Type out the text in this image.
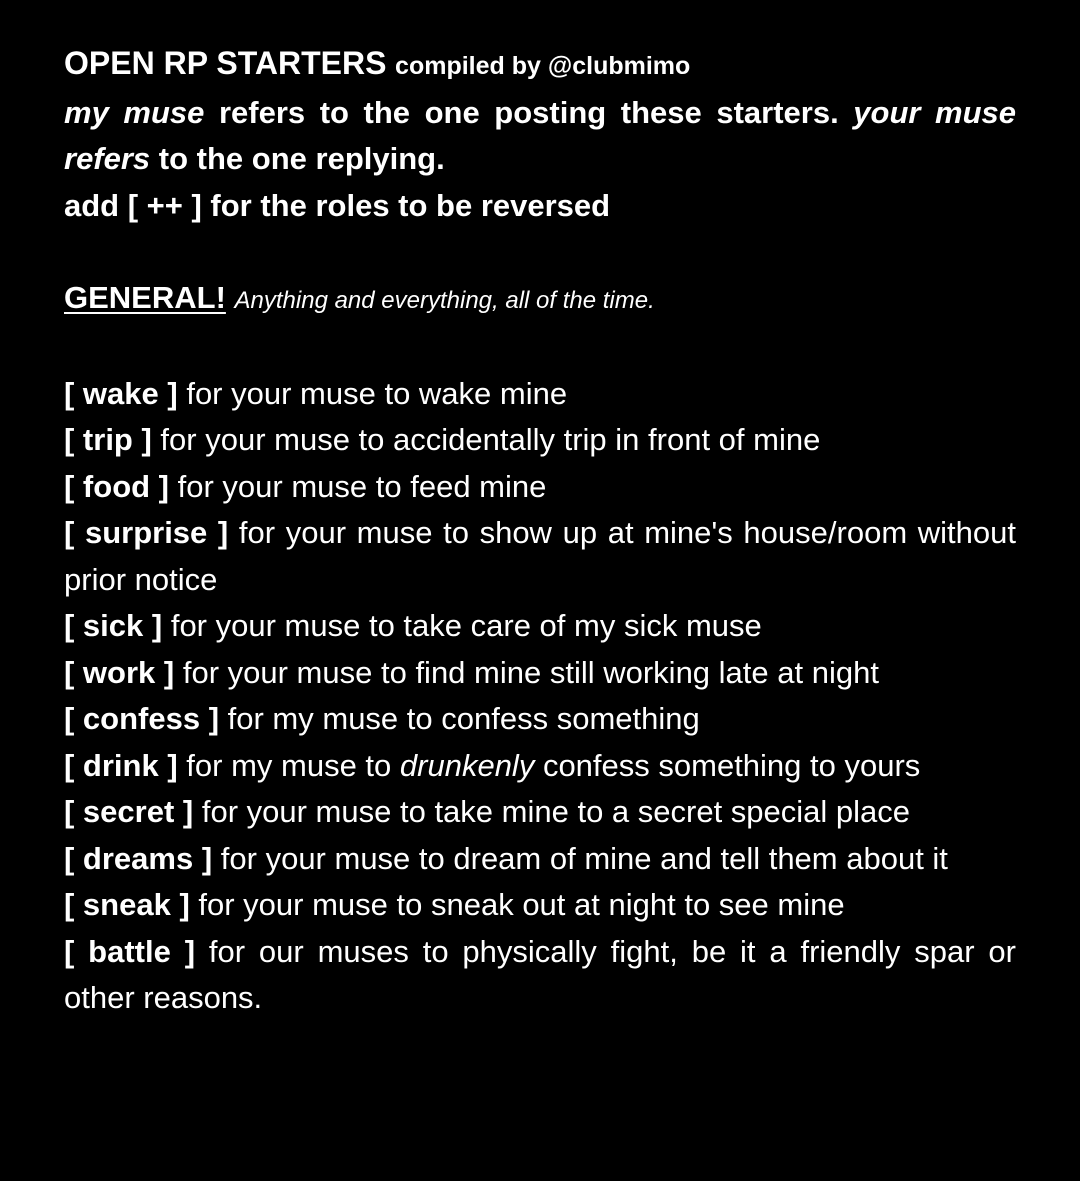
OPEN RP STARTERS compiled by @clubmimo
my muse refers to the one posting these starters. your muse refers to the one replying.
add [ ++ ] for the roles to be reversed
GENERAL! Anything and everything, all of the time.
[ wake ] for your muse to wake mine
[ trip ] for your muse to accidentally trip in front of mine
[ food ] for your muse to feed mine
[ surprise ] for your muse to show up at mine's house/room without prior notice
[ sick ] for your muse to take care of my sick muse
[ work ] for your muse to find mine still working late at night
[ confess ] for my muse to confess something
[ drink ] for my muse to drunkenly confess something to yours
[ secret ] for your muse to take mine to a secret special place
[ dreams ] for your muse to dream of mine and tell them about it
[ sneak ] for your muse to sneak out at night to see mine
[ battle ] for our muses to physically fight, be it a friendly spar or other reasons.
